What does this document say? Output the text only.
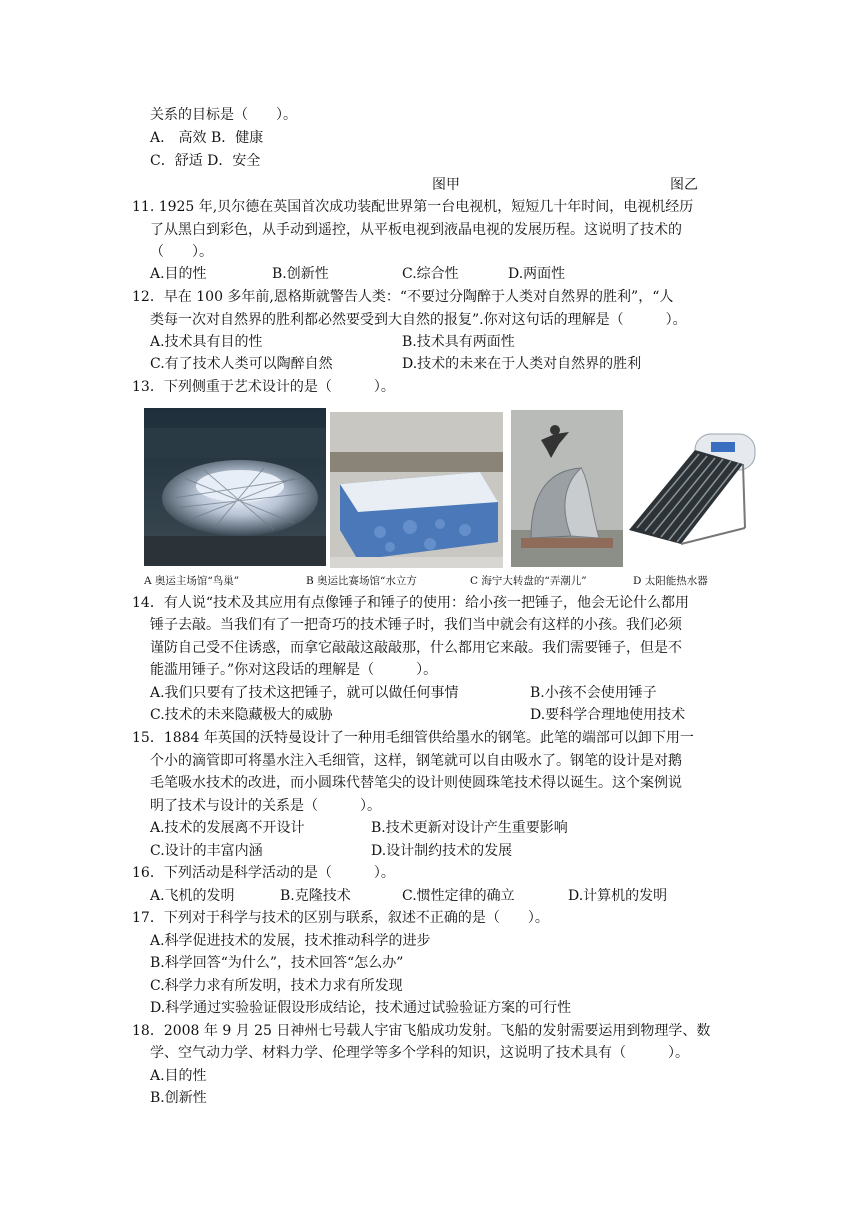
关系的目标是（　　）。
A.　高效 B．健康
C．舒适 D．安全
图甲	图乙
11. 1925 年,贝尔德在英国首次成功装配世界第一台电视机，短短几十年时间，电视机经历
了从黑白到彩色，从手动到遥控，从平板电视到液晶电视的发展历程。这说明了技术的
（　　）。
A.目的性	B.创新性	C.综合性	D.两面性
12．早在 100 多年前,恩格斯就警告人类：“不要过分陶醉于人类对自然界的胜利”，“人
类每一次对自然界的胜利都必然要受到大自然的报复”.你对这句话的理解是（　　　）。
A.技术具有目的性	B.技术具有两面性
C.有了技术人类可以陶醉自然	D.技术的未来在于人类对自然界的胜利
13．下列侧重于艺术设计的是（　　　）。
A 奥运主场馆“鸟巢”	B 奥运比赛场馆“水立方	C 海宁大转盘的“弄潮儿”	D 太阳能热水器
14．有人说“技术及其应用有点像锤子和锤子的使用：给小孩一把锤子，他会无论什么都用
锤子去敲。当我们有了一把奇巧的技术锤子时，我们当中就会有这样的小孩。我们必须
谨防自己受不住诱惑，而拿它敲敲这敲敲那，什么都用它来敲。我们需要锤子，但是不
能滥用锤子。”你对这段话的理解是（　　　）。
A.我们只要有了技术这把锤子，就可以做任何事情	B.小孩不会使用锤子
C.技术的未来隐藏极大的威胁	D.要科学合理地使用技术
15．1884 年英国的沃特曼设计了一种用毛细管供给墨水的钢笔。此笔的端部可以卸下用一
个小的滴管即可将墨水注入毛细管，这样，钢笔就可以自由吸水了。钢笔的设计是对鹅
毛笔吸水技术的改进，而小圆珠代替笔尖的设计则使圆珠笔技术得以诞生。这个案例说
明了技术与设计的关系是（　　　）。
A.技术的发展离不开设计	B.技术更新对设计产生重要影响
C.设计的丰富内涵	D.设计制约技术的发展
16．下列活动是科学活动的是（　　　）。
A.飞机的发明	B.克隆技术	C.惯性定律的确立	D.计算机的发明
17．下列对于科学与技术的区别与联系，叙述不正确的是（　　）。
A.科学促进技术的发展，技术推动科学的进步
B.科学回答“为什么”，技术回答“怎么办”
C.科学力求有所发明，技术力求有所发现
D.科学通过实验验证假设形成结论，技术通过试验验证方案的可行性
18．2008 年 9 月 25 日神州七号载人宇宙飞船成功发射。飞船的发射需要运用到物理学、数
学、空气动力学、材料力学、伦理学等多个学科的知识，这说明了技术具有（　　　）。
A.目的性
B.创新性
